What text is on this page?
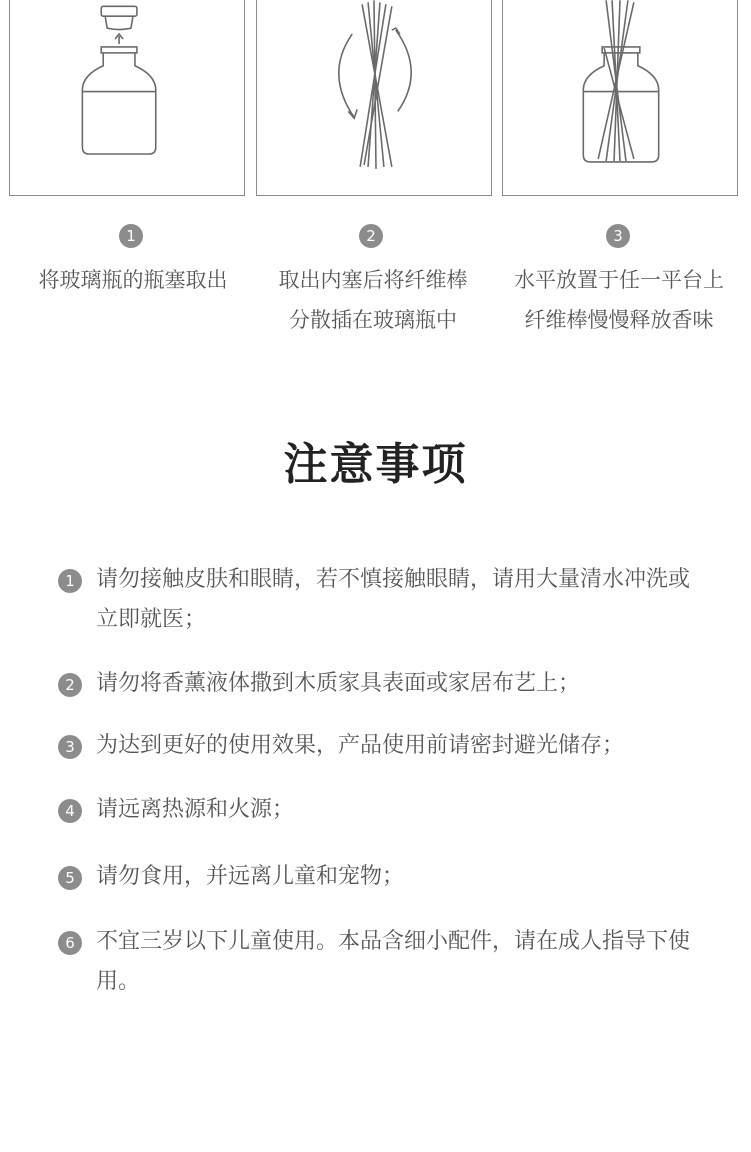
1	2	3
将玻璃瓶的瓶塞取出	取出内塞后将纤维棒
分散插在玻璃瓶中
水平放置于任一平台上
纤维棒慢慢释放香味
注意事项
1 请勿接触皮肤和眼睛，若不慎接触眼睛，请用大量清水冲洗或立即就医；
2 请勿将香薰液体撒到木质家具表面或家居布艺上；
3 为达到更好的使用效果，产品使用前请密封避光储存；
4 请远离热源和火源；
5 请勿食用，并远离儿童和宠物；
6 不宜三岁以下儿童使用。本品含细小配件，请在成人指导下使用。
